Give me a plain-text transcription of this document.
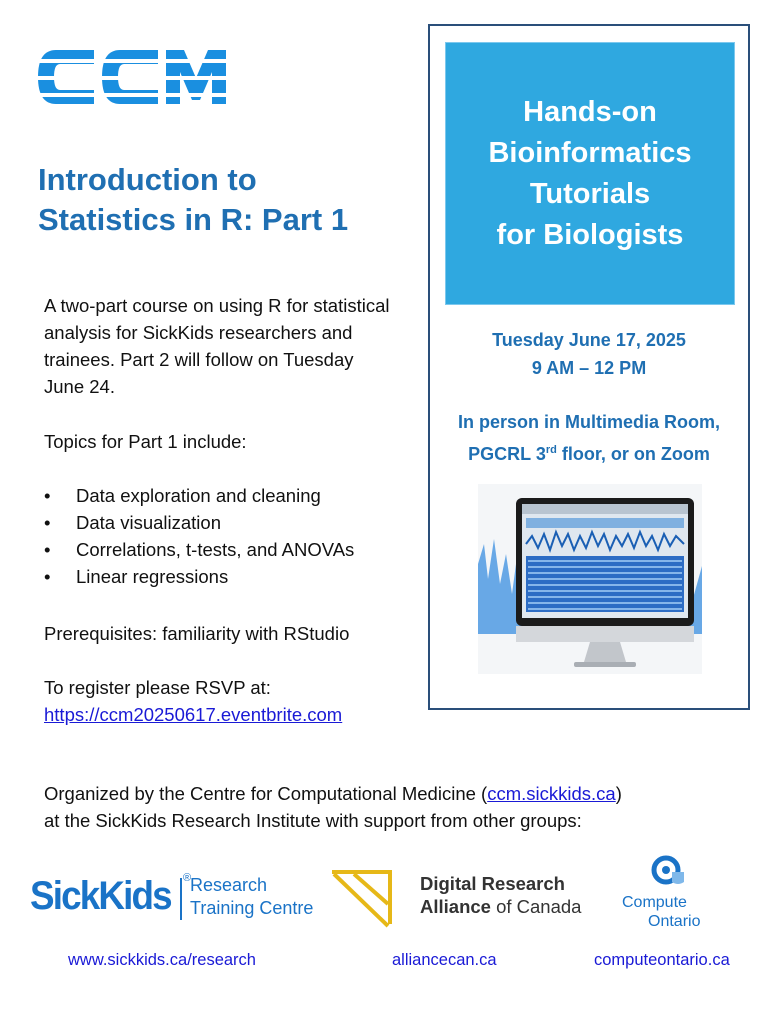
Introduction to
Statistics in R: Part 1

A two-part course on using R for statistical analysis for SickKids researchers and trainees. Part 2 will follow on Tuesday June 24.

Topics for Part 1 include:

• Data exploration and cleaning
• Data visualization
• Correlations, t-tests, and ANOVAs
• Linear regressions

Prerequisites: familiarity with RStudio

To register please RSVP at:
https://ccm20250617.eventbrite.com

Hands-on
Bioinformatics
Tutorials
for Biologists
Tuesday June 17, 2025
9 AM – 12 PM
In person in Multimedia Room,
PGCRL 3rd floor, or on Zoom

Organized by the Centre for Computational Medicine (ccm.sickkids.ca)
at the SickKids Research Institute with support from other groups:

SickKids ®
Research
Training Centre
Digital Research
Alliance of Canada	Compute
Ontario
www.sickkids.ca/research	alliancecan.ca	computeontario.ca
